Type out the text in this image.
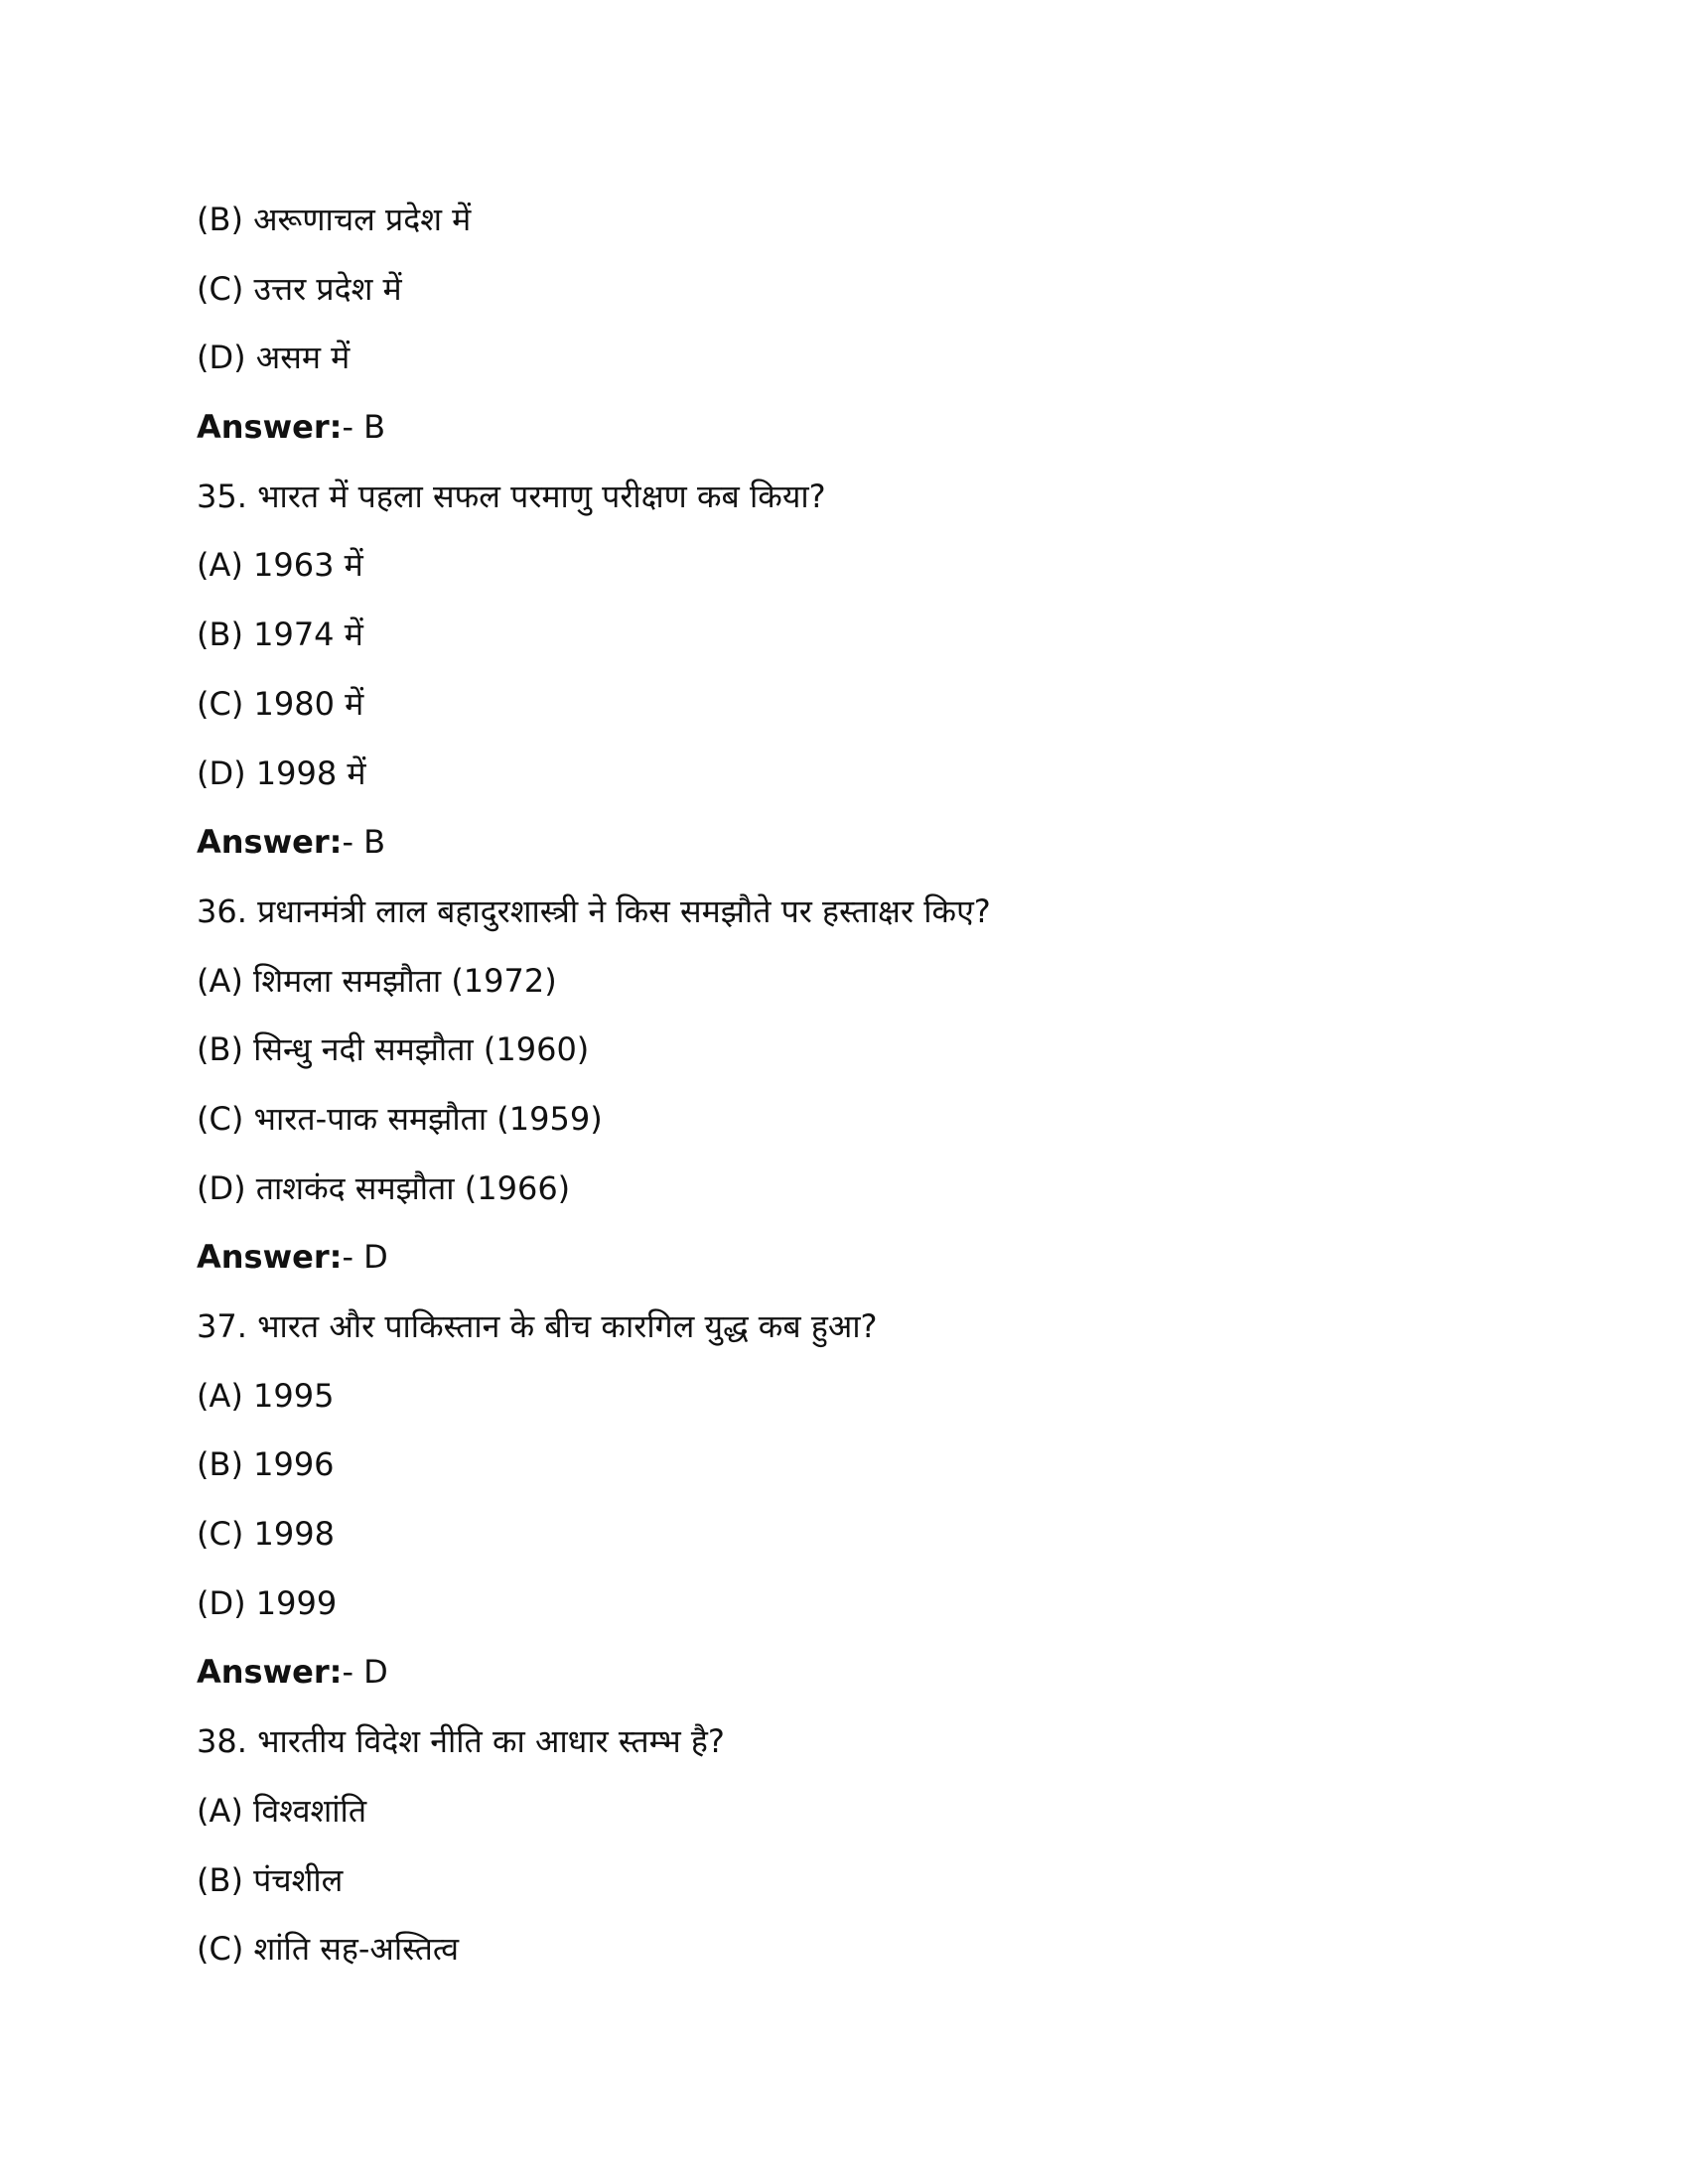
(B) अरूणाचल प्रदेश में
(C) उत्तर प्रदेश में
(D) असम में
Answer:- B
35. भारत में पहला सफल परमाणु परीक्षण कब किया?
(A) 1963 में
(B) 1974 में
(C) 1980 में
(D) 1998 में
Answer:- B
36. प्रधानमंत्री लाल बहादुरशास्त्री ने किस समझौते पर हस्ताक्षर किए?
(A) शिमला समझौता (1972)
(B) सिन्धु नदी समझौता (1960)
(C) भारत-पाक समझौता (1959)
(D) ताशकंद समझौता (1966)
Answer:- D
37. भारत और पाकिस्तान के बीच कारगिल युद्ध कब हुआ?
(A) 1995
(B) 1996
(C) 1998
(D) 1999
Answer:- D
38. भारतीय विदेश नीति का आधार स्तम्भ है?
(A) विश्वशांति
(B) पंचशील
(C) शांति सह-अस्तित्व
